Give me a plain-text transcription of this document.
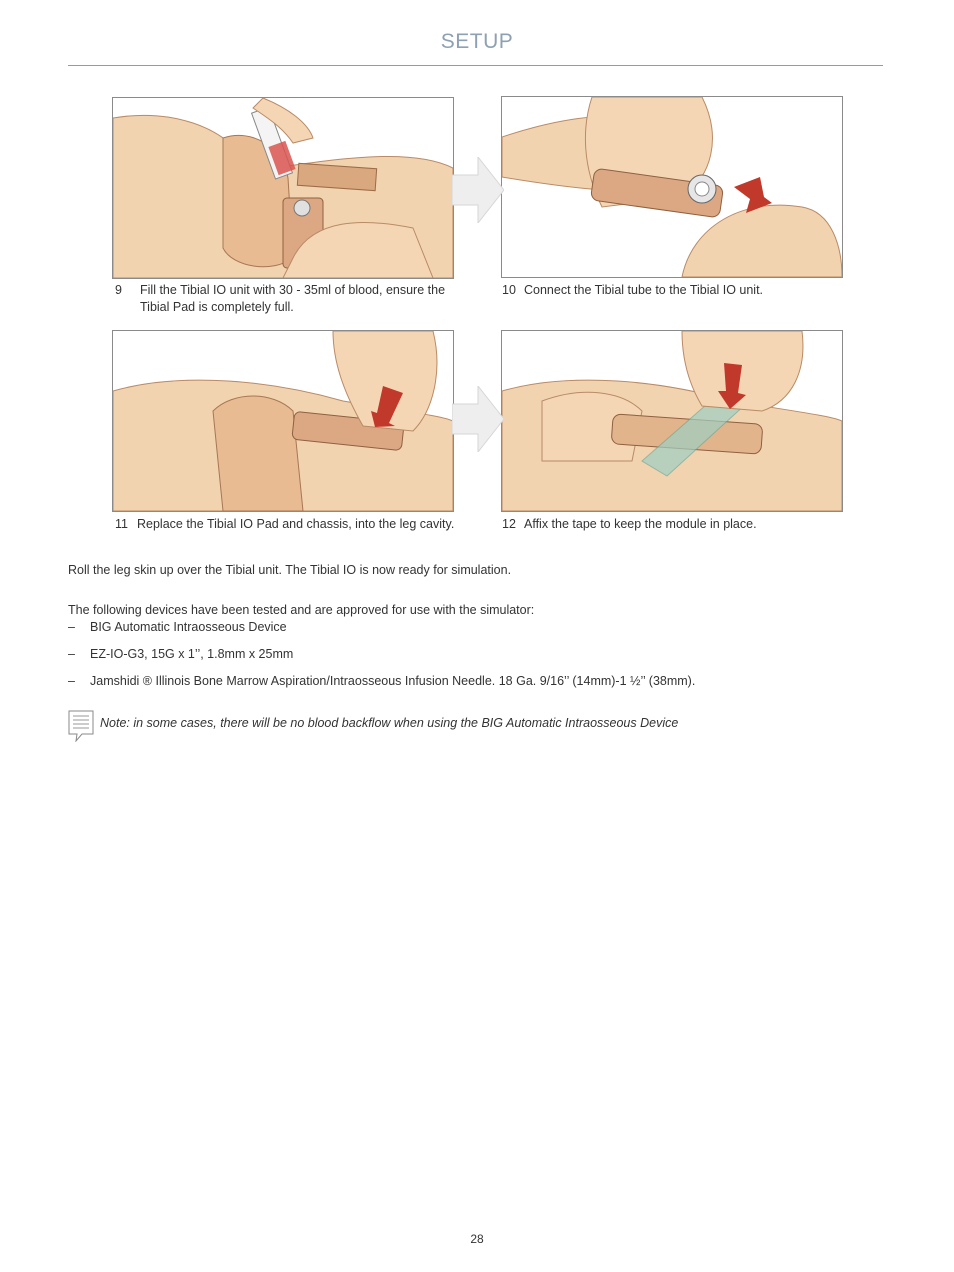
SETUP
9 Fill the Tibial IO unit with 30 - 35ml of blood, ensure the Tibial Pad is completely full.
10 Connect the Tibial tube to the Tibial IO unit.
11 Replace the Tibial IO Pad and chassis, into the leg cavity.	12 Affix the tape to keep the module in place.
Roll the leg skin up over the Tibial unit. The Tibial IO is now ready for simulation.
The following devices have been tested and are approved for use with the simulator:
– BIG Automatic Intraosseous Device
– EZ-IO-G3, 15G x 1’’, 1.8mm x 25mm
– Jamshidi ® Illinois Bone Marrow Aspiration/Intraosseous Infusion Needle. 18 Ga. 9/16’’ (14mm)-1 ½’’ (38mm).
Note: in some cases, there will be no blood backflow when using the BIG Automatic Intraosseous Device
28
